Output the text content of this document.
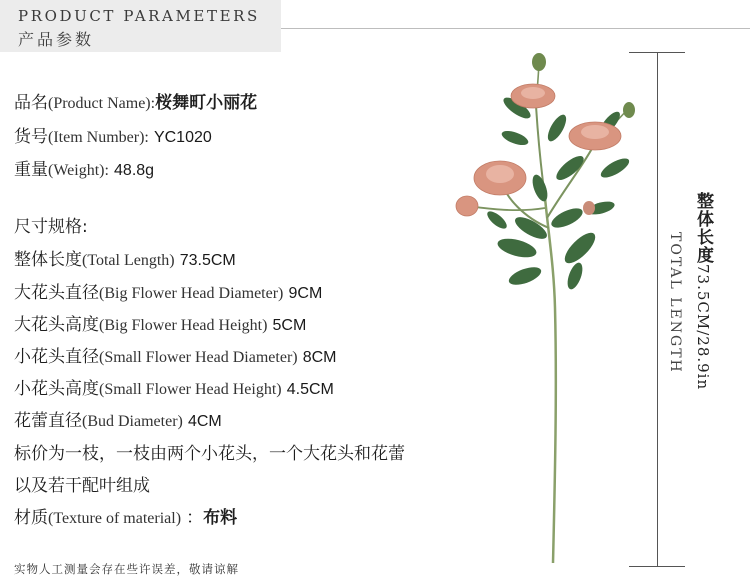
PRODUCT PARAMETERS
产品参数
品名(Product Name):桜舞町小丽花
货号(Item Number): YC1020
重量(Weight): 48.8g
尺寸规格:
整体长度(Total Length) 73.5CM
大花头直径(Big Flower Head Diameter) 9CM
大花头高度(Big Flower Head Height) 5CM
小花头直径(Small Flower Head Diameter) 8CM
小花头高度(Small Flower Head Height) 4.5CM
花蕾直径(Bud Diameter) 4CM
标价为一枝，一枝由两个小花头，一个大花头和花蕾
以及若干配叶组成
材质(Texture of material) ：布料
实物人工测量会存在些许误差，敬请谅解
TOTAL LENGTH
整体长度73.5CM/28.9in
